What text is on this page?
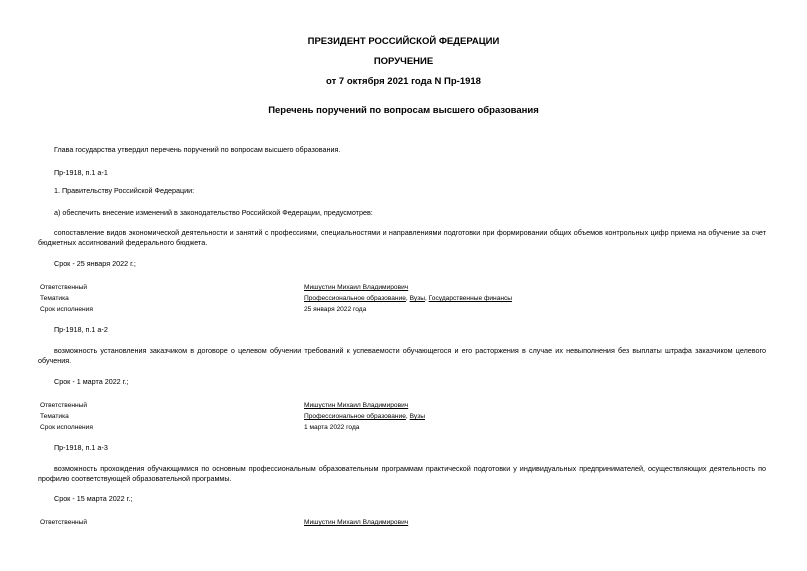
ПРЕЗИДЕНТ РОССИЙСКОЙ ФЕДЕРАЦИИ
ПОРУЧЕНИЕ
от 7 октября 2021 года N Пр-1918
Перечень поручений по вопросам высшего образования
Глава государства утвердил перечень поручений по вопросам высшего образования.
Пр-1918, п.1 а-1
1. Правительству Российской Федерации:
а) обеспечить внесение изменений в законодательство Российской Федерации, предусмотрев:
сопоставление видов экономической деятельности и занятий с профессиями, специальностями и направлениями подготовки при формировании общих объемов контрольных цифр приема на обучение за счет бюджетных ассигнований федерального бюджета.
Срок - 25 января 2022 г.;
Ответственный	Мишустин Михаил Владимирович
Тематика	Профессиональное образование, Вузы, Государственные финансы
Срок исполнения	25 января 2022 года
Пр-1918, п.1 а-2
возможность установления заказчиком в договоре о целевом обучении требований к успеваемости обучающегося и его расторжения в случае их невыполнения без выплаты штрафа заказчиком целевого обучения.
Срок - 1 марта 2022 г.;
Ответственный	Мишустин Михаил Владимирович
Тематика	Профессиональное образование, Вузы
Срок исполнения	1 марта 2022 года
Пр-1918, п.1 а-3
возможность прохождения обучающимися по основным профессиональным образовательным программам практической подготовки у индивидуальных предпринимателей, осуществляющих деятельность по профилю соответствующей образовательной программы.
Срок - 15 марта 2022 г.;
Ответственный	Мишустин Михаил Владимирович
